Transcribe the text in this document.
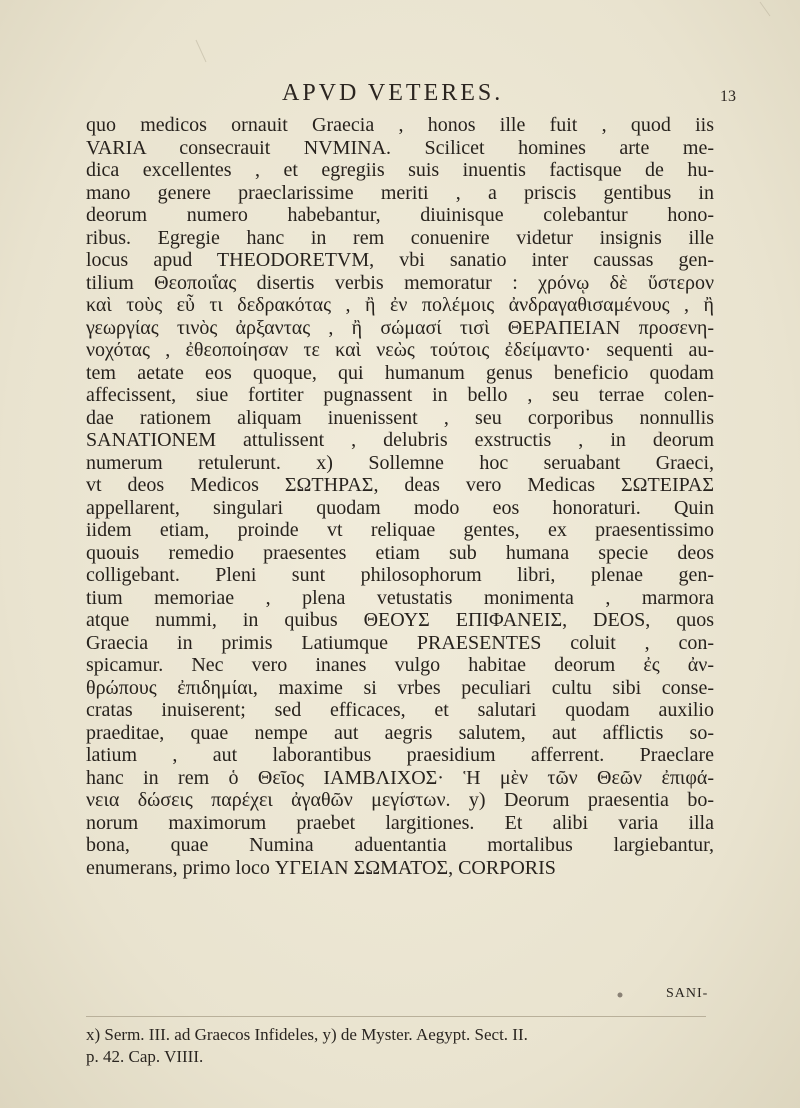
APVD VETERES.	13
quo medicos ornauit Graecia , honos ille fuit , quod iis
VARIA consecrauit NVMINA. Scilicet homines arte me-
dica excellentes , et egregiis suis inuentis factisque de hu-
mano genere praeclarissime meriti , a priscis gentibus in
deorum numero habebantur, diuinisque colebantur hono-
ribus. Egregie hanc in rem conuenire videtur insignis ille
locus apud THEODORETVM, vbi sanatio inter caussas gen-
tilium Θεοποιΐας disertis verbis memoratur : χρόνῳ δὲ ὕστερον
καὶ τοὺς εὖ τι δεδρακότας , ἢ ἐν πολέμοις ἀνδραγαθισαμένους , ἢ
γεωργίας τινὸς ἀρξαντας , ἢ σώμασί τισὶ ΘΕΡΑΠΕΙΑΝ προσενη-
νοχότας , ἐθεοποίησαν τε καὶ νεὼς τούτοις ἐδείμαντο· sequenti au-
tem aetate eos quoque, qui humanum genus beneficio quodam
affecissent, siue fortiter pugnassent in bello , seu terrae colen-
dae rationem aliquam inuenissent , seu corporibus nonnullis
SANATIONEM attulissent , delubris exstructis , in deorum
numerum retulerunt. x) Sollemne hoc seruabant Graeci,
vt deos Medicos ΣΩΤΗΡΑΣ, deas vero Medicas ΣΩΤΕΙΡΑΣ
appellarent, singulari quodam modo eos honoraturi. Quin
iidem etiam, proinde vt reliquae gentes, ex praesentissimo
quouis remedio praesentes etiam sub humana specie deos
colligebant. Pleni sunt philosophorum libri, plenae gen-
tium memoriae , plena vetustatis monimenta , marmora
atque nummi, in quibus ΘΕΟΥΣ ΕΠΙΦΑΝΕΙΣ, DEOS, quos
Graecia in primis Latiumque PRAESENTES coluit , con-
spicamur. Nec vero inanes vulgo habitae deorum ἐς ἀν-
θρώπους ἐπιδημίαι, maxime si vrbes peculiari cultu sibi conse-
cratas inuiserent; sed efficaces, et salutari quodam auxilio
praeditae, quae nempe aut aegris salutem, aut afflictis so-
latium , aut laborantibus praesidium afferrent. Praeclare
hanc in rem ὁ Θεῖος ΙΑΜΒΛΙΧΟΣ· Ἡ μὲν τῶν Θεῶν ἐπιφά-
νεια δώσεις παρέχει ἀγαθῶν μεγίστων. y) Deorum praesentia bo-
norum maximorum praebet largitiones. Et alibi varia illa
bona, quae Numina aduentantia mortalibus largiebantur,
enumerans, primo loco ΥΓΕΙΑΝ ΣΩΜΑΤΟΣ, CORPORIS
SANI-
x) Serm. III. ad Graecos Infideles, y) de Myster. Aegypt. Sect. II.
p. 42. Cap. VIIII.
